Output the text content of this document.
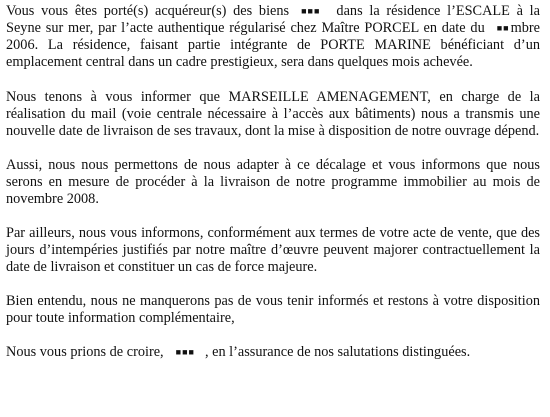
Vous vous êtes porté(s) acquéreur(s) des biens ■■■ dans la résidence l’ESCALE à la Seyne sur mer, par l’acte authentique régularisé chez Maître PORCEL en date du ■■mbre 2006. La résidence, faisant partie intégrante de PORTE MARINE bénéficiant d’un emplacement central dans un cadre prestigieux, sera dans quelques mois achevée.

Nous tenons à vous informer que MARSEILLE AMENAGEMENT, en charge de la réalisation du mail (voie centrale nécessaire à l’accès aux bâtiments) nous a transmis une nouvelle date de livraison de ses travaux, dont la mise à disposition de notre ouvrage dépend.

Aussi, nous nous permettons de nous adapter à ce décalage et vous informons que nous serons en mesure de procéder à la livraison de notre programme immobilier au mois de novembre 2008.

Par ailleurs, nous vous informons, conformément aux termes de votre acte de vente, que des jours d’intempéries justifiés par notre maître d’œuvre peuvent majorer contractuellement la date de livraison et constituer un cas de force majeure.

Bien entendu, nous ne manquerons pas de vous tenir informés et restons à votre disposition pour toute information complémentaire,

Nous vous prions de croire, ■■■ , en l’assurance de nos salutations distinguées.
